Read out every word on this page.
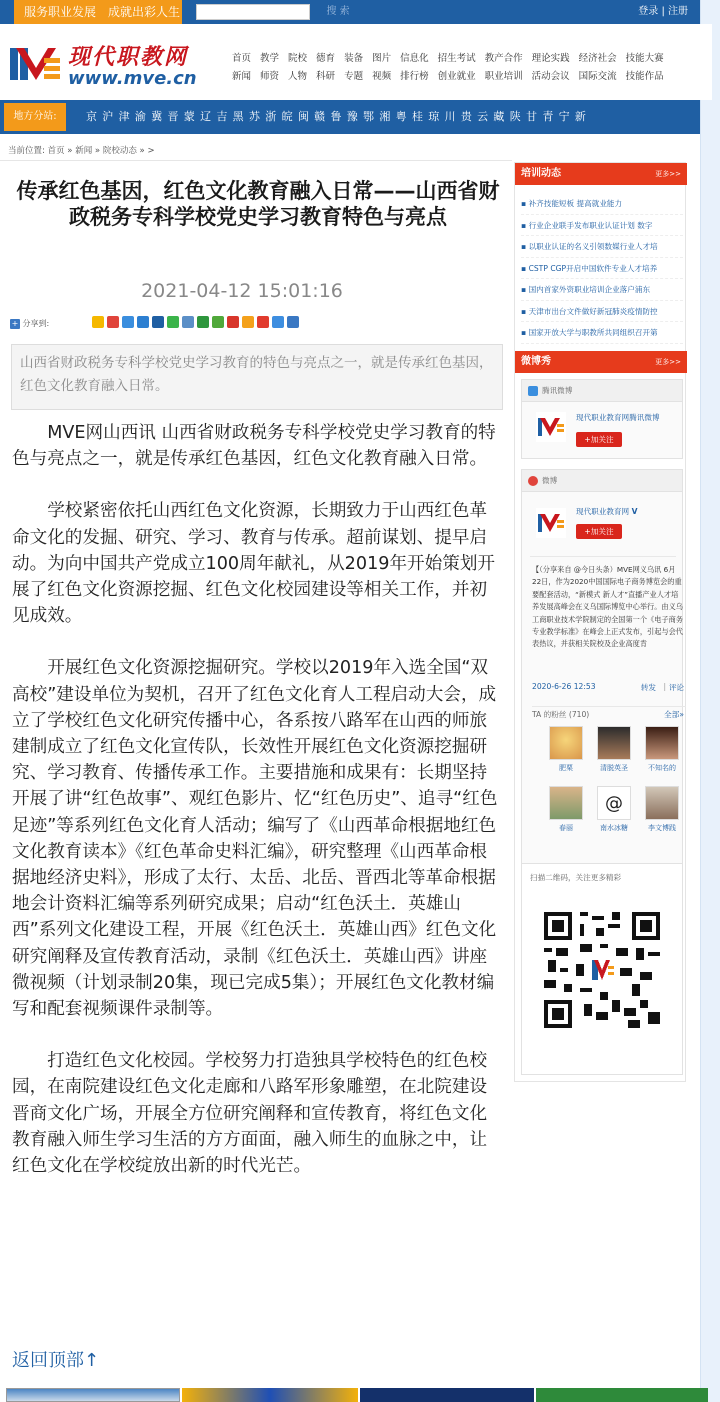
服务职业发展　成就出彩人生	搜 索	登录 | 注册
现代职教网
www.mve.cn
首页 教学 院校 德育 装备 图片 信息化 招生考试 教产合作 理论实践 经济社会 技能大赛
新闻 师资 人物 科研 专题 视频 排行榜 创业就业 职业培训 活动会议 国际交流 技能作品
地方分站:	京 沪 津 渝 冀 晋 蒙 辽 吉 黑 苏 浙 皖 闽 赣 鲁 豫 鄂 湘 粤 桂 琼 川 贵 云 藏 陕 甘 青 宁 新
当前位置: 首页 » 新闻 » 院校动态 » >
传承红色基因，红色文化教育融入日常——山西省财政税务专科学校党史学习教育特色与亮点
2021-04-12 15:01:16
+ 分享到:
山西省财政税务专科学校党史学习教育的特色与亮点之一，就是传承红色基因，红色文化教育融入日常。

MVE网山西讯 山西省财政税务专科学校党史学习教育的特色与亮点之一，就是传承红色基因，红色文化教育融入日常。

学校紧密依托山西红色文化资源，长期致力于山西红色革命文化的发掘、研究、学习、教育与传承。超前谋划、提早启动。为向中国共产党成立100周年献礼，从2019年开始策划开展了红色文化资源挖掘、红色文化校园建设等相关工作，并初见成效。

开展红色文化资源挖掘研究。学校以2019年入选全国“双高校”建设单位为契机，召开了红色文化育人工程启动大会，成立了学校红色文化研究传播中心，各系按八路军在山西的师旅建制成立了红色文化宣传队，长效性开展红色文化资源挖掘研究、学习教育、传播传承工作。主要措施和成果有：长期坚持开展了讲“红色故事”、观红色影片、忆“红色历史”、追寻“红色足迹”等系列红色文化育人活动；编写了《山西革命根据地红色文化教育读本》《红色革命史料汇编》，研究整理《山西革命根据地经济史料》，形成了太行、太岳、北岳、晋西北等革命根据地会计资料汇编等系列研究成果；启动“红色沃土．英雄山西”系列文化建设工程，开展《红色沃土．英雄山西》红色文化研究阐释及宣传教育活动，录制《红色沃土．英雄山西》讲座微视频（计划录制20集，现已完成5集）；开展红色文化教材编写和配套视频课件录制等。

打造红色文化校园。学校努力打造独具学校特色的红色校园，在南院建设红色文化走廊和八路军形象雕塑，在北院建设晋商文化广场，开展全方位研究阐释和宣传教育，将红色文化教育融入师生学习生活的方方面面，融入师生的血脉之中，让红色文化在学校绽放出新的时代光芒。

返回顶部↑
培训动态	更多>>
▪ 补齐技能短板 提高就业能力
▪ 行业企业联手发布职业认证计划 数字
▪ 以职业认证的名义引领数媒行业人才培
▪ CSTP CGP开启中国软件专业人才培养
▪ 国内首家外资职业培训企业落户浦东
▪ 天津市出台文件做好新冠肺炎疫情防控
▪ 国家开放大学与职教所共同组织召开第
微博秀	更多>>
腾讯微博
现代职业教育网腾讯微博
+加关注
微博
现代职业教育网 V
+加关注
【（分享来自 @今日头条）MVE网义乌讯 6月22日，作为2020中国国际电子商务博览会的重要配套活动，“新模式 新人才”直播产业人才培养发展高峰会在义乌国际博览中心举行。由义乌工商职业技术学院制定的全国第一个《电子商务专业教学标准》在峰会上正式发布，引起与会代表热议，并获相关院校及企业高度肯
2020-6-26 12:53	转发 | 评论
TA 的粉丝 (710)	全部»
肥栗	清脱英圣	不知名的
春丽
@
南水冰糖	李文博践
扫描二维码，关注更多精彩
